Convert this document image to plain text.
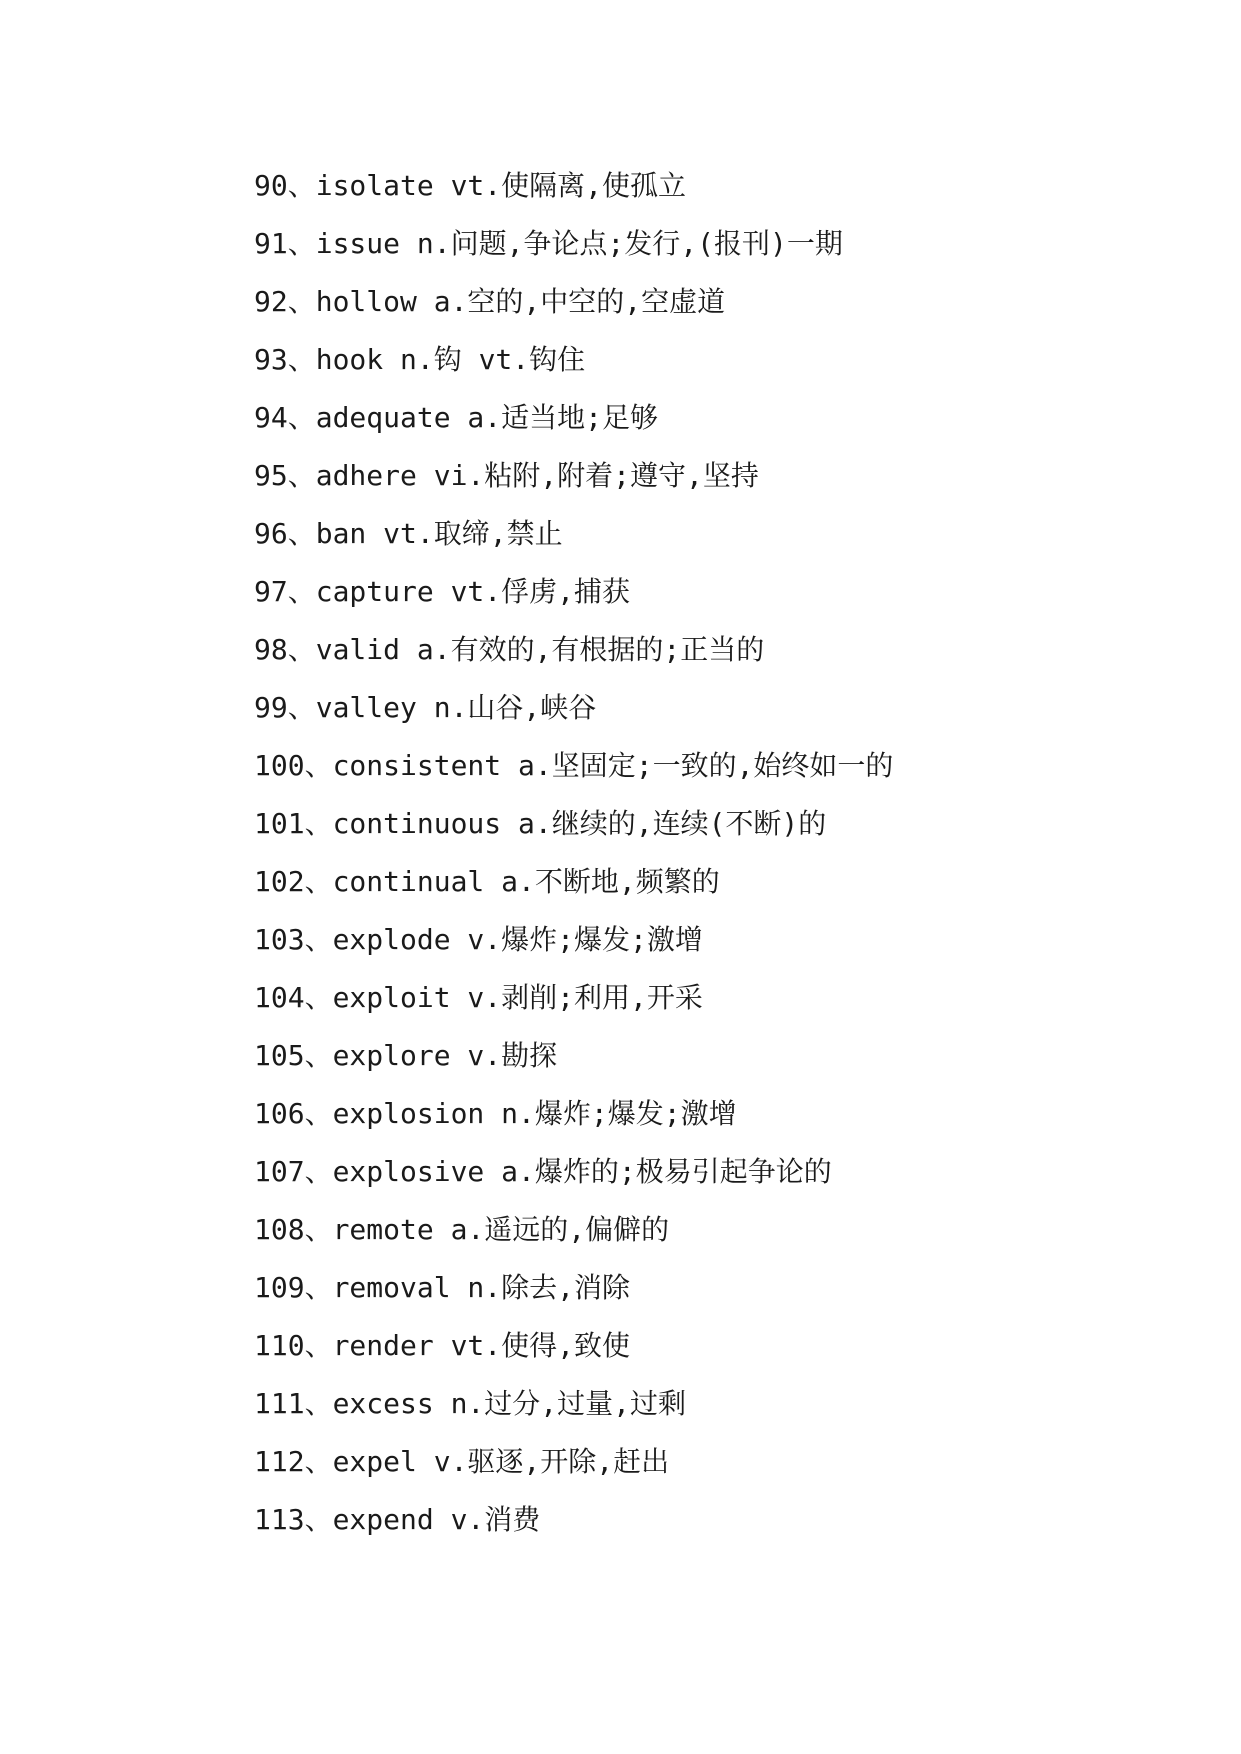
90、isolate vt.使隔离,使孤立
91、issue n.问题,争论点;发行,(报刊)一期
92、hollow a.空的,中空的,空虚道
93、hook n.钩 vt.钩住
94、adequate a.适当地;足够
95、adhere vi.粘附,附着;遵守,坚持
96、ban vt.取缔,禁止
97、capture vt.俘虏,捕获
98、valid a.有效的,有根据的;正当的
99、valley n.山谷,峡谷
100、consistent a.坚固定;一致的,始终如一的
101、continuous a.继续的,连续(不断)的
102、continual a.不断地,频繁的
103、explode v.爆炸;爆发;激增
104、exploit v.剥削;利用,开采
105、explore v.勘探
106、explosion n.爆炸;爆发;激增
107、explosive a.爆炸的;极易引起争论的
108、remote a.遥远的,偏僻的
109、removal n.除去,消除
110、render vt.使得,致使
111、excess n.过分,过量,过剩
112、expel v.驱逐,开除,赶出
113、expend v.消费
